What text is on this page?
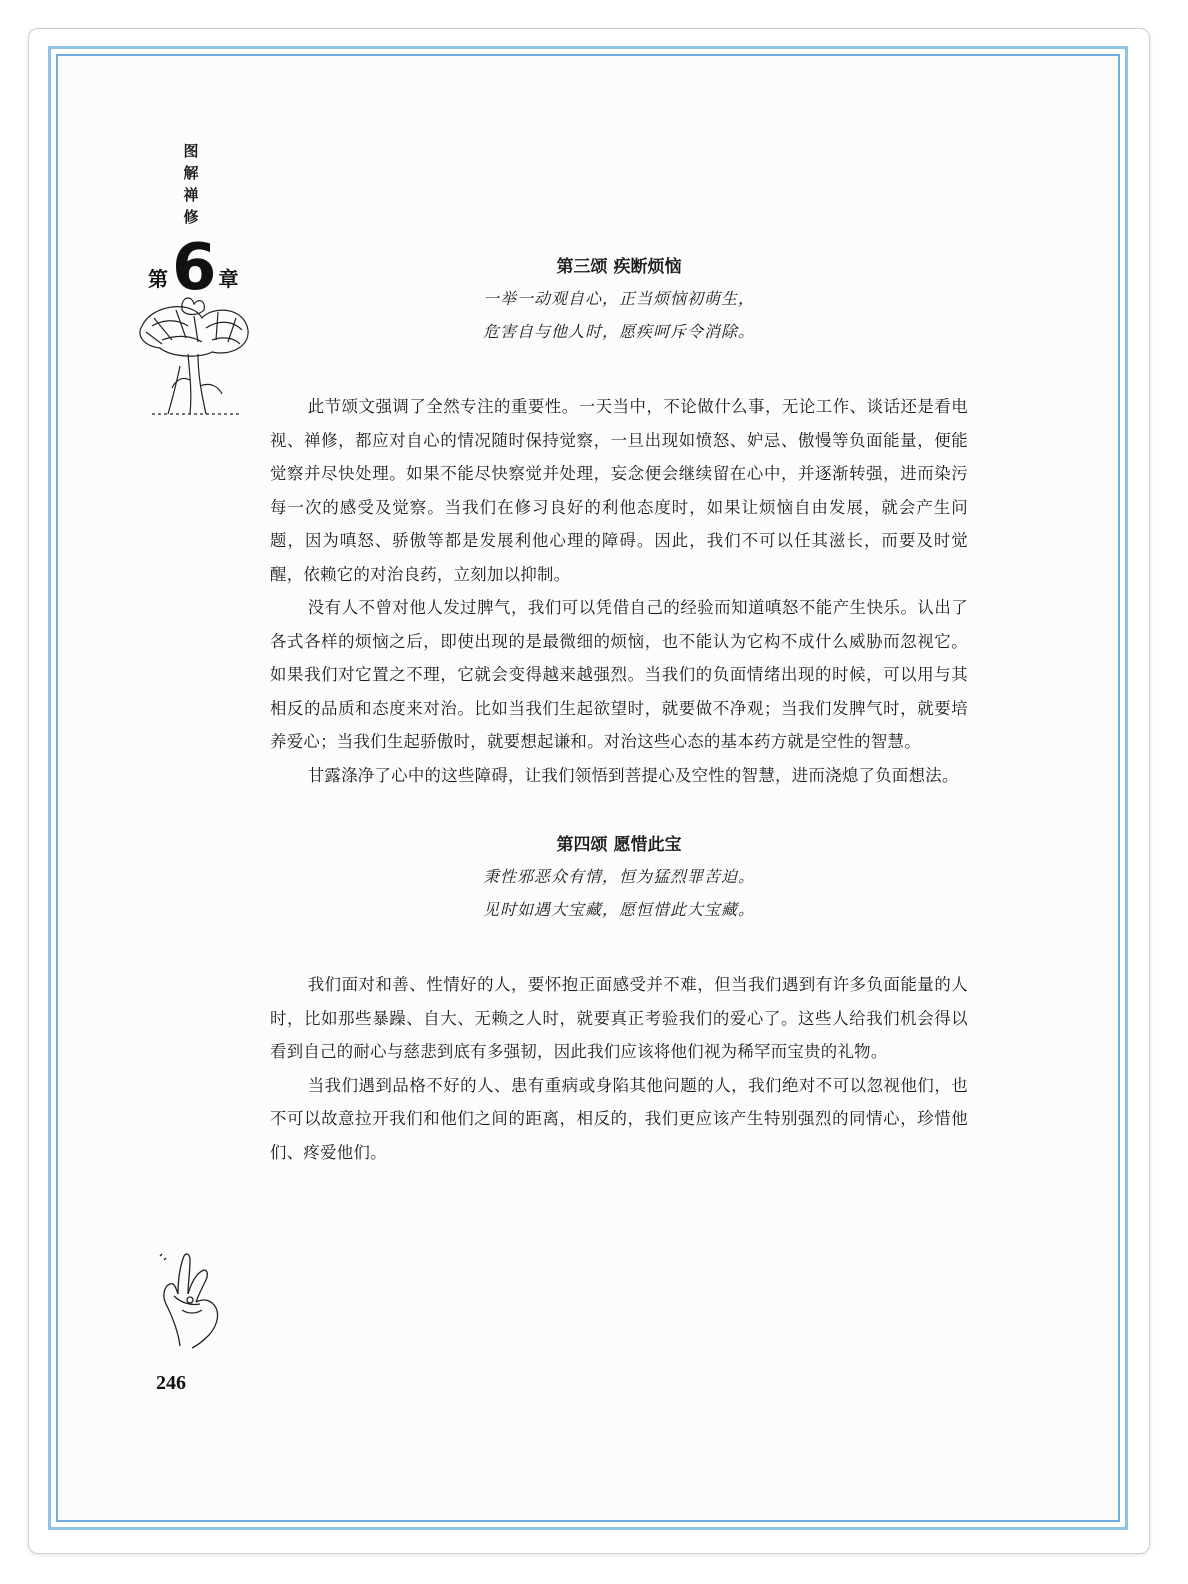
图
解
禅
修
第 6 章	第三颂 疾断烦恼

一举一动观自心，正当烦恼初萌生，

危害自与他人时，愿疾呵斥令消除。

此节颂文强调了全然专注的重要性。一天当中，不论做什么事，无论工作、谈话还是看电视、禅修，都应对自心的情况随时保持觉察，一旦出现如愤怒、妒忌、傲慢等负面能量，便能觉察并尽快处理。如果不能尽快察觉并处理，妄念便会继续留在心中，并逐渐转强，进而染污每一次的感受及觉察。当我们在修习良好的利他态度时，如果让烦恼自由发展，就会产生问题，因为嗔怒、骄傲等都是发展利他心理的障碍。因此，我们不可以任其滋长，而要及时觉醒，依赖它的对治良药，立刻加以抑制。

没有人不曾对他人发过脾气，我们可以凭借自己的经验而知道嗔怒不能产生快乐。认出了各式各样的烦恼之后，即使出现的是最微细的烦恼，也不能认为它构不成什么威胁而忽视它。如果我们对它置之不理，它就会变得越来越强烈。当我们的负面情绪出现的时候，可以用与其相反的品质和态度来对治。比如当我们生起欲望时，就要做不净观；当我们发脾气时，就要培养爱心；当我们生起骄傲时，就要想起谦和。对治这些心态的基本药方就是空性的智慧。

甘露涤净了心中的这些障碍，让我们领悟到菩提心及空性的智慧，进而浇熄了负面想法。

第四颂 愿惜此宝

秉性邪恶众有情，恒为猛烈罪苦迫。

见时如遇大宝藏，愿恒惜此大宝藏。

我们面对和善、性情好的人，要怀抱正面感受并不难，但当我们遇到有许多负面能量的人时，比如那些暴躁、自大、无赖之人时，就要真正考验我们的爱心了。这些人给我们机会得以看到自己的耐心与慈悲到底有多强韧，因此我们应该将他们视为稀罕而宝贵的礼物。

当我们遇到品格不好的人、患有重病或身陷其他问题的人，我们绝对不可以忽视他们，也不可以故意拉开我们和他们之间的距离，相反的，我们更应该产生特别强烈的同情心，珍惜他们、疼爱他们。

246
